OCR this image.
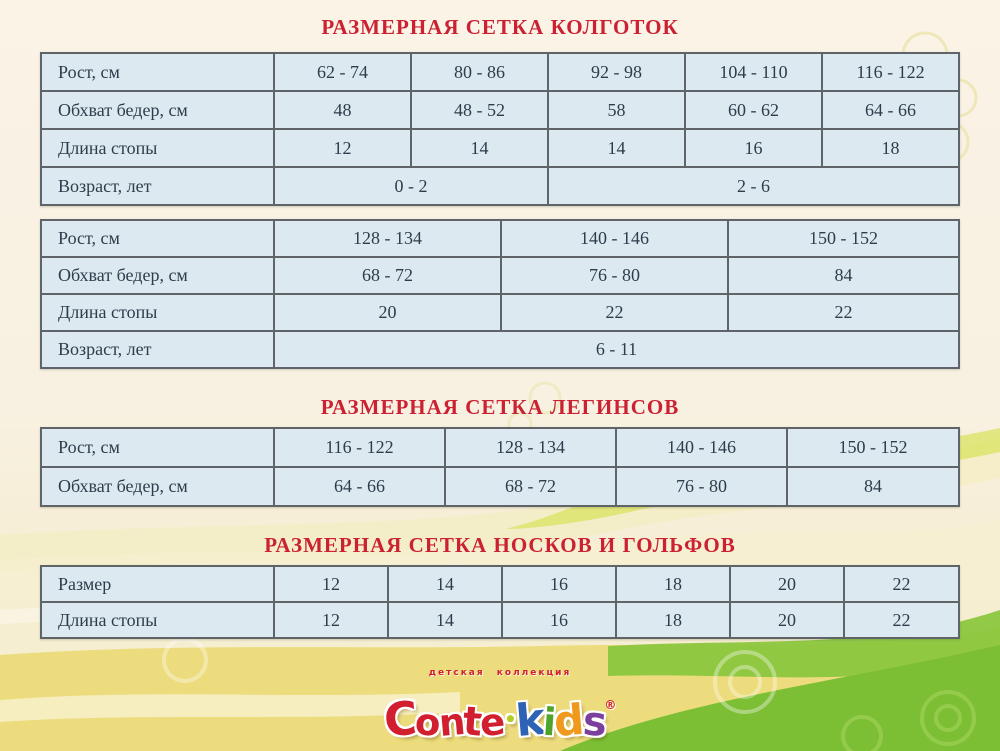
РАЗМЕРНАЯ СЕТКА КОЛГОТОК
Рост, см	62 - 74	80 - 86	92 - 98	104 - 110	116 - 122
Обхват бедер, см	48	48 - 52	58	60 - 62	64 - 66
Длина стопы	12	14	14	16	18
Возраст, лет	0 - 2		2 - 6		
Рост, см	128 - 134	140 - 146	150 - 152
Обхват бедер, см	68 - 72	76 - 80	84
Длина стопы	20	22	22
Возраст, лет	6 - 11		
РАЗМЕРНАЯ СЕТКА ЛЕГИНСОВ
Рост, см	116 - 122	128 - 134	140 - 146	150 - 152
Обхват бедер, см	64 - 66	68 - 72	76 - 80	84
РАЗМЕРНАЯ СЕТКА НОСКОВ И ГОЛЬФОВ
Размер	12	14	16	18	20	22
Длина стопы	12	14	16	18	20	22
детская коллекция
Conte•kids®
